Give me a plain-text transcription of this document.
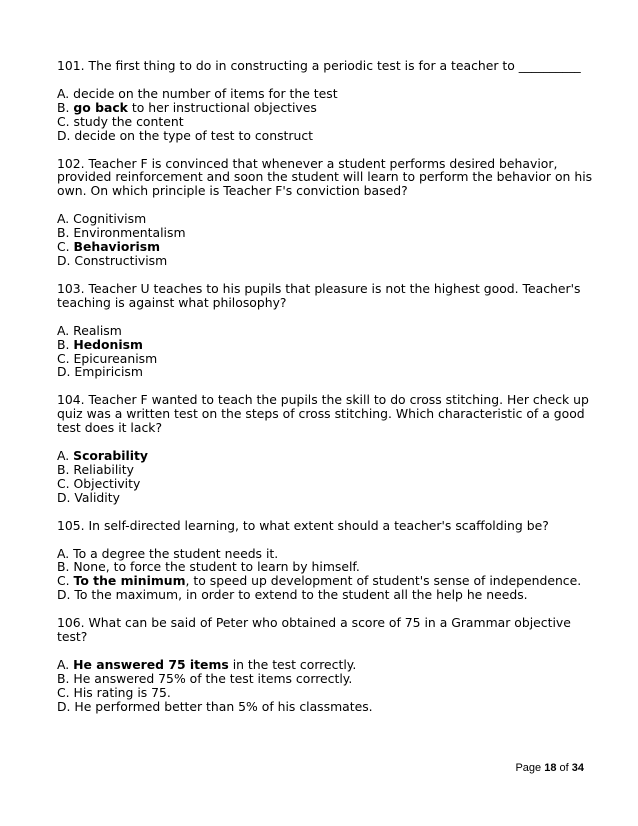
101. The first thing to do in constructing a periodic test is for a teacher to __________

A. decide on the number of items for the test
B. go back to her instructional objectives
C. study the content
D. decide on the type of test to construct

102. Teacher F is convinced that whenever a student performs desired behavior, provided reinforcement and soon the student will learn to perform the behavior on his own. On which principle is Teacher F's conviction based?

A. Cognitivism
B. Environmentalism
C. Behaviorism
D. Constructivism

103. Teacher U teaches to his pupils that pleasure is not the highest good. Teacher's teaching is against what philosophy?

A. Realism
B. Hedonism
C. Epicureanism
D. Empiricism

104. Teacher F wanted to teach the pupils the skill to do cross stitching. Her check up quiz was a written test on the steps of cross stitching. Which characteristic of a good test does it lack?

A. Scorability
B. Reliability
C. Objectivity
D. Validity

105. In self-directed learning, to what extent should a teacher's scaffolding be?

A. To a degree the student needs it.
B. None, to force the student to learn by himself.
C. To the minimum, to speed up development of student's sense of independence.
D. To the maximum, in order to extend to the student all the help he needs.

106. What can be said of Peter who obtained a score of 75 in a Grammar objective test?

A. He answered 75 items in the test correctly.
B. He answered 75% of the test items correctly.
C. His rating is 75.
D. He performed better than 5% of his classmates.
Page 18 of 34
